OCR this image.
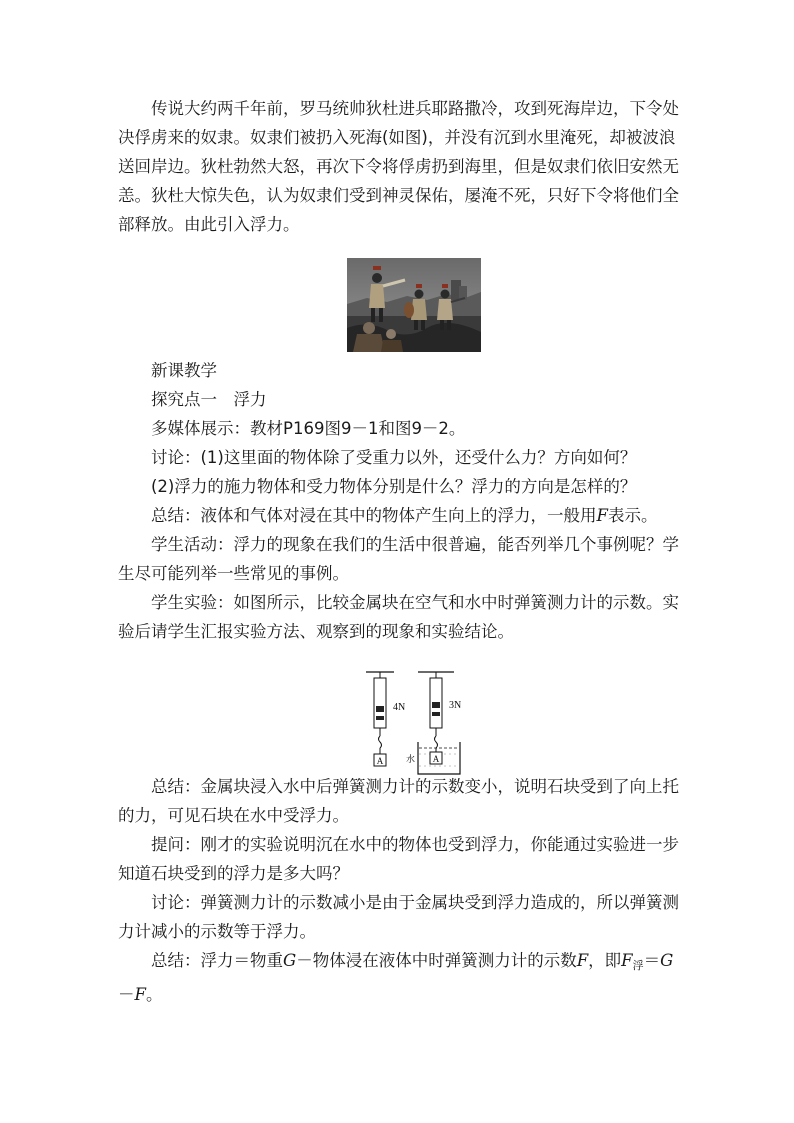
传说大约两千年前，罗马统帅狄杜进兵耶路撒冷，攻到死海岸边，下令处

决俘虏来的奴隶。奴隶们被扔入死海(如图)，并没有沉到水里淹死，却被波浪

送回岸边。狄杜勃然大怒，再次下令将俘虏扔到海里，但是奴隶们依旧安然无

恙。狄杜大惊失色，认为奴隶们受到神灵保佑，屡淹不死，只好下令将他们全

部释放。由此引入浮力。

新课教学

探究点一　浮力

多媒体展示：教材P169图9－1和图9－2。

讨论：(1)这里面的物体除了受重力以外，还受什么力？方向如何？

(2)浮力的施力物体和受力物体分别是什么？浮力的方向是怎样的？

总结：液体和气体对浸在其中的物体产生向上的浮力，一般用F表示。

学生活动：浮力的现象在我们的生活中很普遍，能否列举几个事例呢？学

生尽可能列举一些常见的事例。

学生实验：如图所示，比较金属块在空气和水中时弹簧测力计的示数。实

验后请学生汇报实验方法、观察到的现象和实验结论。

A
4N	3N
A
水

总结：金属块浸入水中后弹簧测力计的示数变小，说明石块受到了向上托

的力，可见石块在水中受浮力。

提问：刚才的实验说明沉在水中的物体也受到浮力，你能通过实验进一步

知道石块受到的浮力是多大吗？

讨论：弹簧测力计的示数减小是由于金属块受到浮力造成的，所以弹簧测

力计减小的示数等于浮力。

总结：浮力＝物重G－物体浸在液体中时弹簧测力计的示数F，即$F_浮=G$

－F。
